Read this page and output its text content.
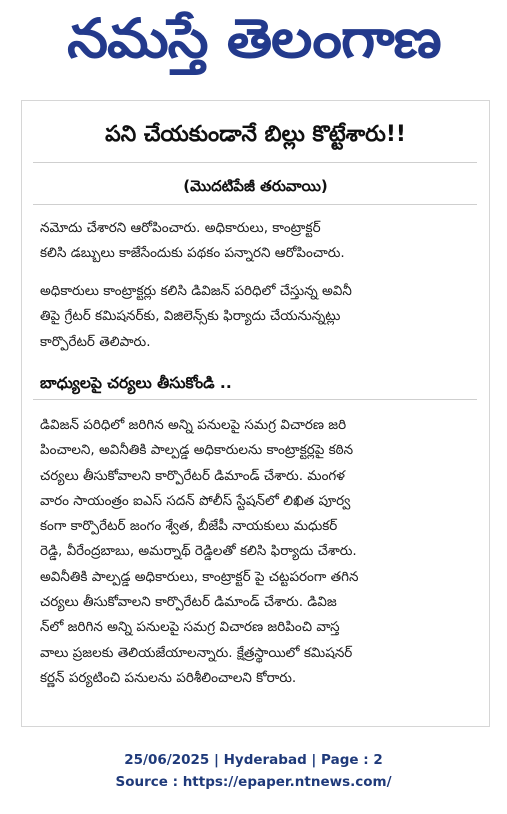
నమస్తే తెలంగాణ
పని చేయకుండానే బిల్లు కొట్టేశారు!!
(మొదటిపేజీ తరువాయి)
నమోదు చేశారని ఆరోపించారు. అధికారులు, కాంట్రాక్టర్
కలిసి డబ్బులు కాజేసేందుకు పథకం పన్నారని ఆరోపించారు.
అధికారులు కాంట్రాక్టర్లు కలిసి డివిజన్ పరిధిలో చేస్తున్న అవినీ
తిపై గ్రేటర్ కమిషనర్‌కు, విజిలెన్స్‌కు ఫిర్యాదు చేయనున్నట్లు
కార్పొరేటర్ తెలిపారు.
బాధ్యులపై చర్యలు తీసుకోండి ..
డివిజన్ పరిధిలో జరిగిన అన్ని పనులపై సమగ్ర విచారణ జరి
పించాలని, అవినీతికి పాల్పడ్డ అధికారులను కాంట్రాక్టర్లపై కఠిన
చర్యలు తీసుకోవాలని కార్పొరేటర్ డిమాండ్ చేశారు. మంగళ
వారం సాయంత్రం ఐఎస్ సదన్ పోలీస్ స్టేషన్‌లో లిఖిత పూర్వ
కంగా కార్పొరేటర్ జంగం శ్వేత, బీజేపీ నాయకులు మధుకర్
రెడ్డి, వీరేంద్రబాబు, అమర్నాథ్ రెడ్డిలతో కలిసి ఫిర్యాదు చేశారు.
అవినీతికి పాల్పడ్డ అధికారులు, కాంట్రాక్టర్ పై చట్టపరంగా తగిన
చర్యలు తీసుకోవాలని కార్పొరేటర్ డిమాండ్ చేశారు. డివిజ
న్‌లో జరిగిన అన్ని పనులపై సమగ్ర విచారణ జరిపించి వాస్త
వాలు ప్రజలకు తెలియజేయాలన్నారు. క్షేత్రస్థాయిలో కమిషనర్
కర్ణన్ పర్యటించి పనులను పరిశీలించాలని కోరారు.
25/06/2025 | Hyderabad | Page : 2
Source : https://epaper.ntnews.com/
